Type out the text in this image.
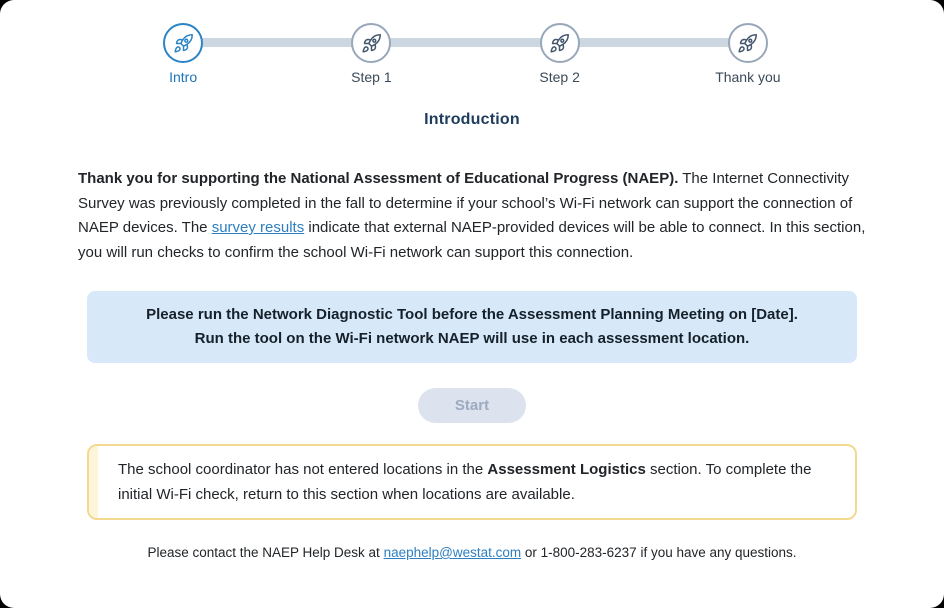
Intro	Step 1	Step 2	Thank you
Introduction

Thank you for supporting the National Assessment of Educational Progress (NAEP). The Internet Connectivity Survey was previously completed in the fall to determine if your school’s Wi-Fi network can support the connection of NAEP devices. The survey results indicate that external NAEP-provided devices will be able to connect. In this section, you will run checks to confirm the school Wi-Fi network can support this connection.

Please run the Network Diagnostic Tool before the Assessment Planning Meeting on [Date].
Run the tool on the Wi-Fi network NAEP will use in each assessment location.
Start

The school coordinator has not entered locations in the Assessment Logistics section. To complete the initial Wi-Fi check, return to this section when locations are available.

Please contact the NAEP Help Desk at naephelp@westat.com or 1-800-283-6237 if you have any questions.
